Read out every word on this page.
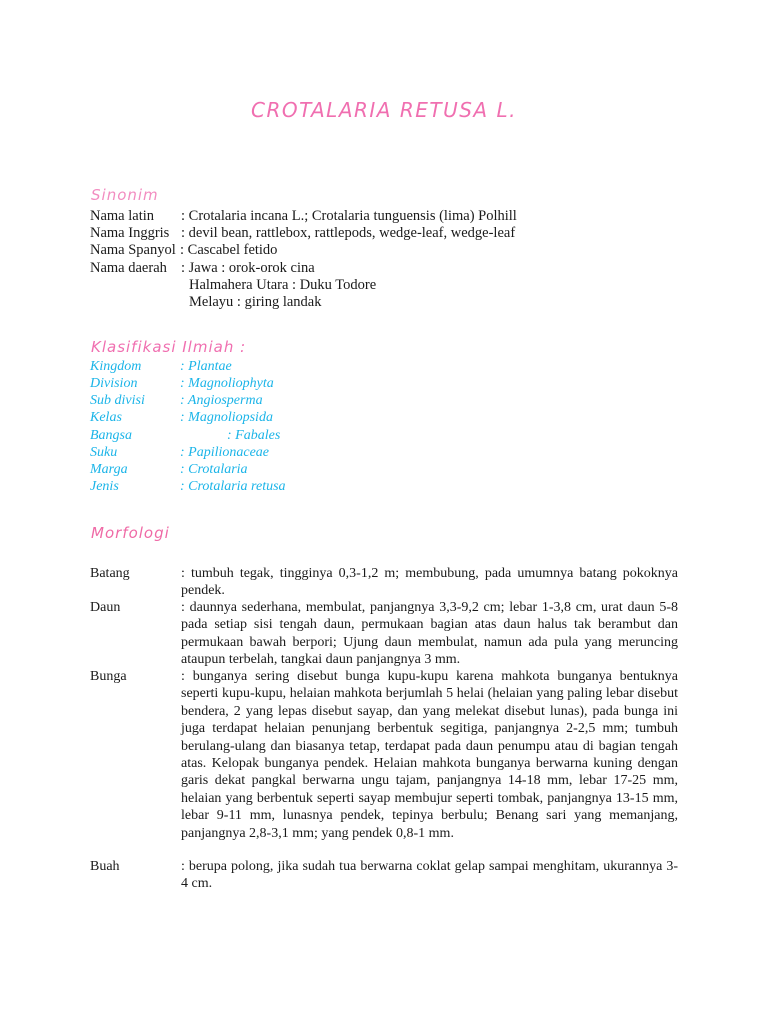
CROTALARIA RETUSA L.
Sinonim
Nama latin : Crotalaria incana L.; Crotalaria tunguensis (lima) Polhill
Nama Inggris : devil bean, rattlebox, rattlepods, wedge-leaf, wedge-leaf
Nama Spanyol : Cascabel fetido
Nama daerah : Jawa : orok-orok cina
Halmahera Utara : Duku Todore
Melayu : giring landak
Klasifikasi Ilmiah :
Kingdom	: Plantae
Division	: Magnoliophyta
Sub divisi	: Angiosperma
Kelas	: Magnoliopsida
Bangsa	: Fabales
Suku	: Papilionaceae
Marga	: Crotalaria
Jenis	: Crotalaria retusa
Morfologi
Batang	: tumbuh tegak, tingginya 0,3-1,2 m; membubung, pada umumnya batang pokoknya pendek.
Daun	: daunnya sederhana, membulat, panjangnya 3,3-9,2 cm; lebar 1-3,8 cm, urat daun 5-8 pada setiap sisi tengah daun, permukaan bagian atas daun halus tak berambut dan permukaan bawah berpori; Ujung daun membulat, namun ada pula yang meruncing ataupun terbelah, tangkai daun panjangnya 3 mm.
Bunga	: bunganya sering disebut bunga kupu-kupu karena mahkota bunganya bentuknya seperti kupu-kupu, helaian mahkota berjumlah 5 helai (helaian yang paling lebar disebut bendera, 2 yang lepas disebut sayap, dan yang melekat disebut lunas), pada bunga ini juga terdapat helaian penunjang berbentuk segitiga, panjangnya 2-2,5 mm; tumbuh berulang-ulang dan biasanya tetap, terdapat pada daun penumpu atau di bagian tengah atas. Kelopak bunganya pendek. Helaian mahkota bunganya berwarna kuning dengan garis dekat pangkal berwarna ungu tajam, panjangnya 14-18 mm, lebar 17-25 mm, helaian yang berbentuk seperti sayap membujur seperti tombak, panjangnya 13-15 mm, lebar 9-11 mm, lunasnya pendek, tepinya berbulu; Benang sari yang memanjang, panjangnya 2,8-3,1 mm; yang pendek 0,8-1 mm.
Buah	: berupa polong, jika sudah tua berwarna coklat gelap sampai menghitam, ukurannya 3-4 cm.
